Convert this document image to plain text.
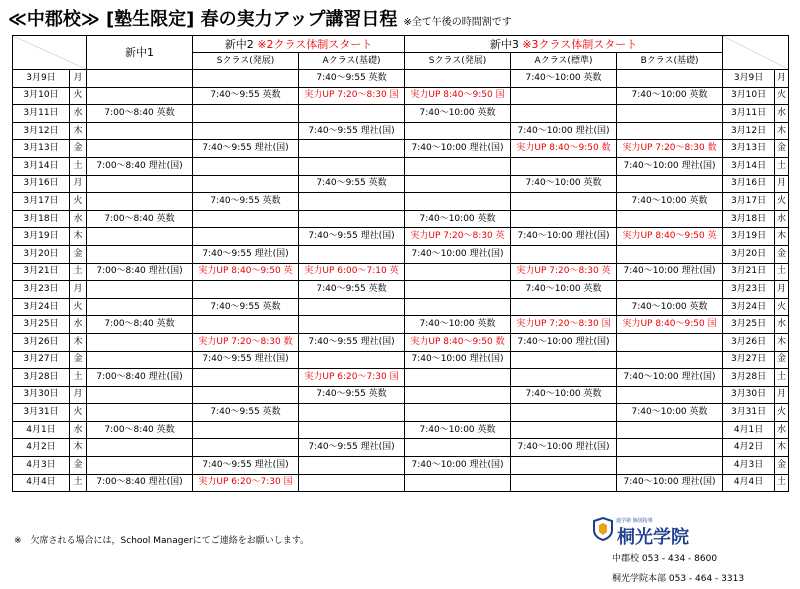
≪中郡校≫ [塾生限定] 春の実力アップ講習日程 ※全て午後の時間割です
	新中1	新中2 ※2クラス体制スタート		新中3 ※3クラス体制スタート	

			Sクラス(発展)	Aクラス(基礎)	Sクラス(発展)	Aクラス(標準)	Bクラス(基礎)		
3月9日	月			7:40〜9:55 英数		7:40〜10:00 英数		3月9日	月
3月10日	火		7:40〜9:55 英数	実力UP 7:20〜8:30 国	実力UP 8:40〜9:50 国		7:40〜10:00 英数	3月10日	火
3月11日	水	7:00〜8:40 英数			7:40〜10:00 英数			3月11日	水
3月12日	木			7:40〜9:55 理社(国)		7:40〜10:00 理社(国)		3月12日	木
3月13日	金		7:40〜9:55 理社(国)		7:40〜10:00 理社(国)	実力UP 8:40〜9:50 数	実力UP 7:20〜8:30 数	3月13日	金
3月14日	土	7:00〜8:40 理社(国)					7:40〜10:00 理社(国)	3月14日	土
3月16日	月			7:40〜9:55 英数		7:40〜10:00 英数		3月16日	月
3月17日	火		7:40〜9:55 英数				7:40〜10:00 英数	3月17日	火
3月18日	水	7:00〜8:40 英数			7:40〜10:00 英数			3月18日	水
3月19日	木			7:40〜9:55 理社(国)	実力UP 7:20〜8:30 英	7:40〜10:00 理社(国)	実力UP 8:40〜9:50 英	3月19日	木
3月20日	金		7:40〜9:55 理社(国)		7:40〜10:00 理社(国)			3月20日	金
3月21日	土	7:00〜8:40 理社(国)	実力UP 8:40〜9:50 英	実力UP 6:00〜7:10 英		実力UP 7:20〜8:30 英	7:40〜10:00 理社(国)	3月21日	土
3月23日	月			7:40〜9:55 英数		7:40〜10:00 英数		3月23日	月
3月24日	火		7:40〜9:55 英数				7:40〜10:00 英数	3月24日	火
3月25日	水	7:00〜8:40 英数			7:40〜10:00 英数	実力UP 7:20〜8:30 国	実力UP 8:40〜9:50 国	3月25日	水
3月26日	木		実力UP 7:20〜8:30 数	7:40〜9:55 理社(国)	実力UP 8:40〜9:50 数	7:40〜10:00 理社(国)		3月26日	木
3月27日	金		7:40〜9:55 理社(国)		7:40〜10:00 理社(国)			3月27日	金
3月28日	土	7:00〜8:40 理社(国)		実力UP 6:20〜7:30 国			7:40〜10:00 理社(国)	3月28日	土
3月30日	月			7:40〜9:55 英数		7:40〜10:00 英数		3月30日	月
3月31日	火		7:40〜9:55 英数				7:40〜10:00 英数	3月31日	火
4月1日	水	7:00〜8:40 英数			7:40〜10:00 英数			4月1日	水
4月2日	木			7:40〜9:55 理社(国)		7:40〜10:00 理社(国)		4月2日	木
4月3日	金		7:40〜9:55 理社(国)		7:40〜10:00 理社(国)			4月3日	金
4月4日	土	7:00〜8:40 理社(国)	実力UP 6:20〜7:30 国				7:40〜10:00 理社(国)	4月4日	土
※　欠席される場合には，School Managerにてご連絡をお願いします。
進学塾 個別指導
桐光学院
中郡校 053 - 434 - 8600
桐光学院本部 053 - 464 - 3313
